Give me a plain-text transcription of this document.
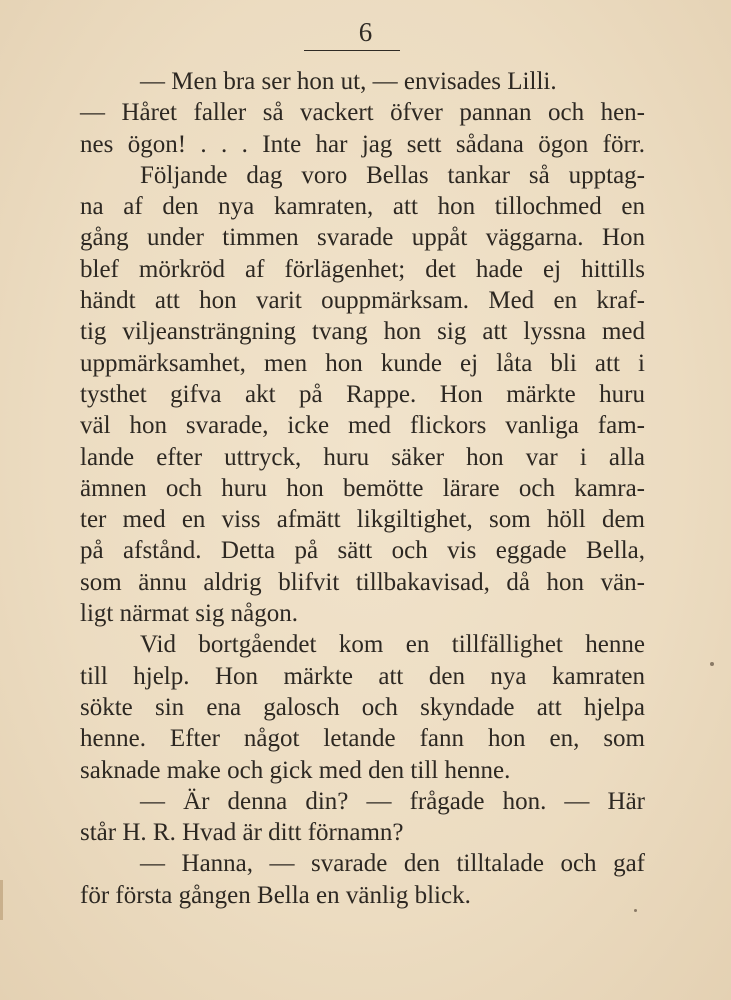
6
— Men bra ser hon ut, — envisades Lilli.
— Håret faller så vackert öfver pannan och hen-
nes ögon! . . . Inte har jag sett sådana ögon förr.
Följande dag voro Bellas tankar så upptag-
na af den nya kamraten, att hon tillochmed en
gång under timmen svarade uppåt väggarna. Hon
blef mörkröd af förlägenhet; det hade ej hittills
händt att hon varit ouppmärksam. Med en kraf-
tig viljeansträngning tvang hon sig att lyssna med
uppmärksamhet, men hon kunde ej låta bli att i
tysthet gifva akt på Rappe. Hon märkte huru
väl hon svarade, icke med flickors vanliga fam-
lande efter uttryck, huru säker hon var i alla
ämnen och huru hon bemötte lärare och kamra-
ter med en viss afmätt likgiltighet, som höll dem
på afstånd. Detta på sätt och vis eggade Bella,
som ännu aldrig blifvit tillbakavisad, då hon vän-
ligt närmat sig någon.
Vid bortgåendet kom en tillfällighet henne
till hjelp. Hon märkte att den nya kamraten
sökte sin ena galosch och skyndade att hjelpa
henne. Efter något letande fann hon en, som
saknade make och gick med den till henne.
— Är denna din? — frågade hon. — Här
står H. R. Hvad är ditt förnamn?
— Hanna, — svarade den tilltalade och gaf
för första gången Bella en vänlig blick.
